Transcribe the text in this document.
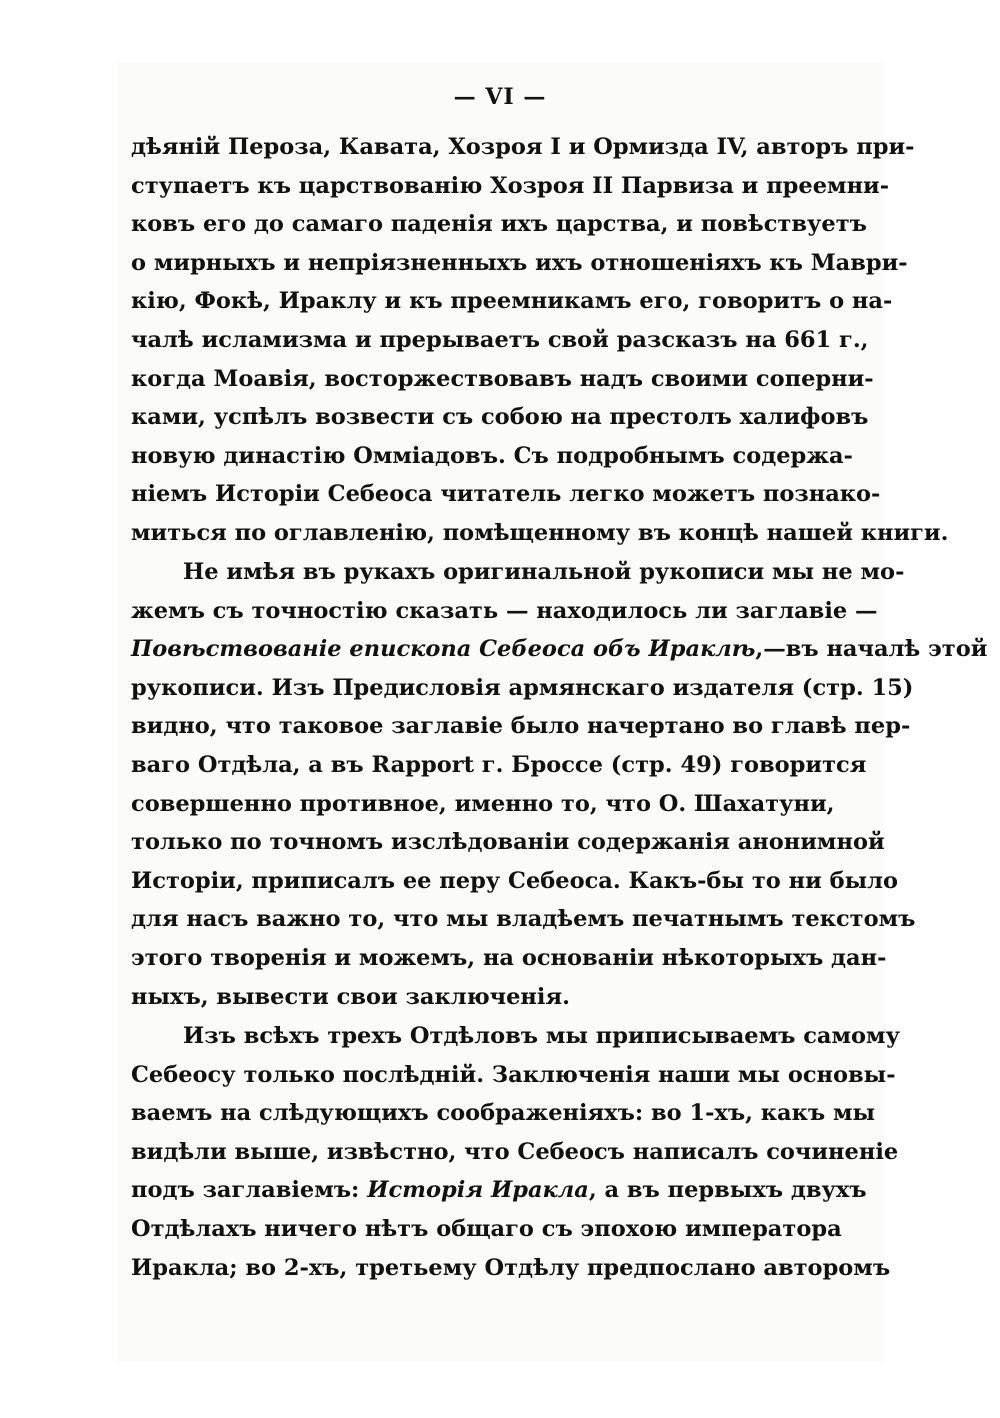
— VI —
дѣяній Пероза, Кавата, Хозроя I и Ормизда IV, авторъ при-
ступаетъ къ царствованію Хозроя II Парвиза и преемни-
ковъ его до самаго паденія ихъ царства, и повѣствуетъ
о мирныхъ и непріязненныхъ ихъ отношеніяхъ къ Маври-
кію, Фокѣ, Ираклу и къ преемникамъ его, говоритъ о на-
чалѣ исламизма и прерываетъ свой разсказъ на 661 г.,
когда Моавія, восторжествовавъ надъ своими соперни-
ками, успѣлъ возвести съ собою на престолъ халифовъ
новую династію Оммiадовъ. Съ подробнымъ содержа-
ніемъ Исторіи Себеоса читатель легко можетъ познако-
миться по оглавленію, помѣщенному въ концѣ нашей книги.
Не имѣя въ рукахъ оригинальной рукописи мы не мо-
жемъ съ точностію сказать — находилось ли заглавіе —
Повѣствованіе епископа Себеоса объ Ираклѣ,—въ началѣ этой
рукописи. Изъ Предисловія армянскаго издателя (стр. 15)
видно, что таковое заглавіе было начертано во главѣ пер-
ваго Отдѣла, а въ Rapport г. Броссе (стр. 49) говорится
совершенно противное, именно то, что О. Шахатуни,
только по точномъ изслѣдованіи содержанія анонимной
Исторіи, приписалъ ее перу Себеоса. Какъ-бы то ни было
для насъ важно то, что мы владѣемъ печатнымъ текстомъ
этого творенія и можемъ, на основаніи нѣкоторыхъ дан-
ныхъ, вывести свои заключенія.
Изъ всѣхъ трехъ Отдѣловъ мы приписываемъ самому
Себеосу только послѣдній. Заключенія наши мы основы-
ваемъ на слѣдующихъ соображеніяхъ: во 1-хъ, какъ мы
видѣли выше, извѣстно, что Себеосъ написалъ сочиненіе
подъ заглавіемъ: Исторія Иракла, а въ первыхъ двухъ
Отдѣлахъ ничего нѣтъ общаго съ эпохою императора
Иракла; во 2-хъ, третьему Отдѣлу предпослано авторомъ
